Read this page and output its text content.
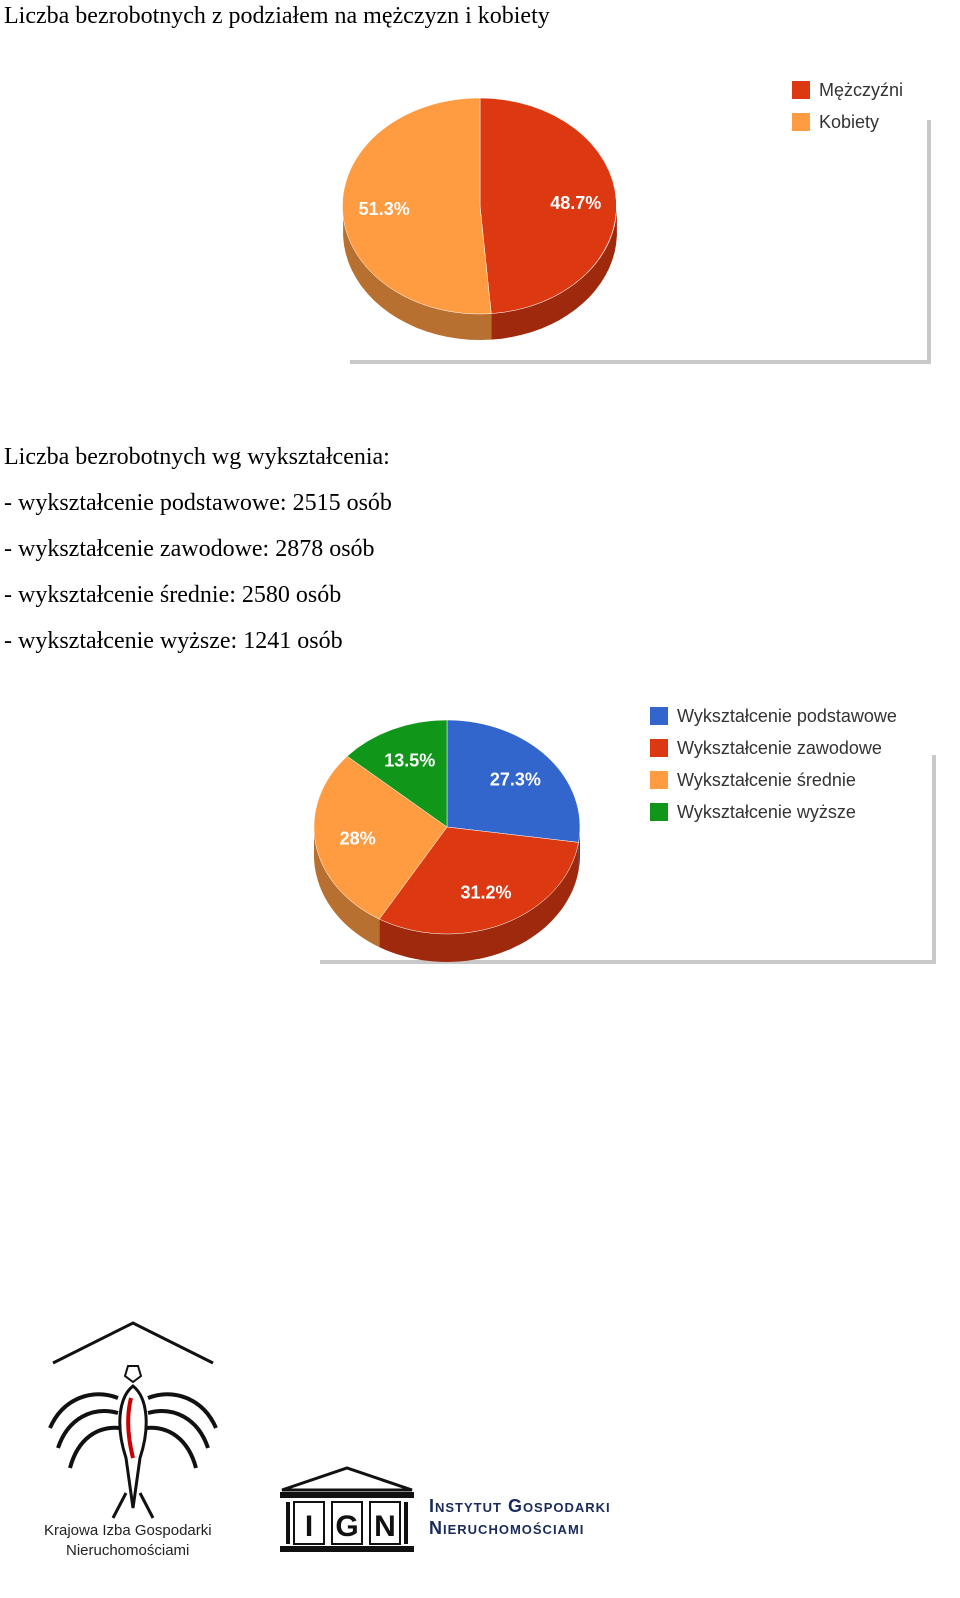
Liczba bezrobotnych z podziałem na mężczyzn i kobiety
48.7%
51.3%
Mężczyźni
Kobiety
Liczba bezrobotnych wg wykształcenia:
- wykształcenie podstawowe: 2515 osób
- wykształcenie zawodowe: 2878 osób
- wykształcenie średnie: 2580 osób
- wykształcenie wyższe: 1241 osób
27.3%
31.2%
28%
13.5%
Wykształcenie podstawowe
Wykształcenie zawodowe
Wykształcenie średnie
Wykształcenie wyższe
Krajowa Izba Gospodarki
Nieruchomościami
I G N
Instytut Gospodarki
Nieruchomościami
